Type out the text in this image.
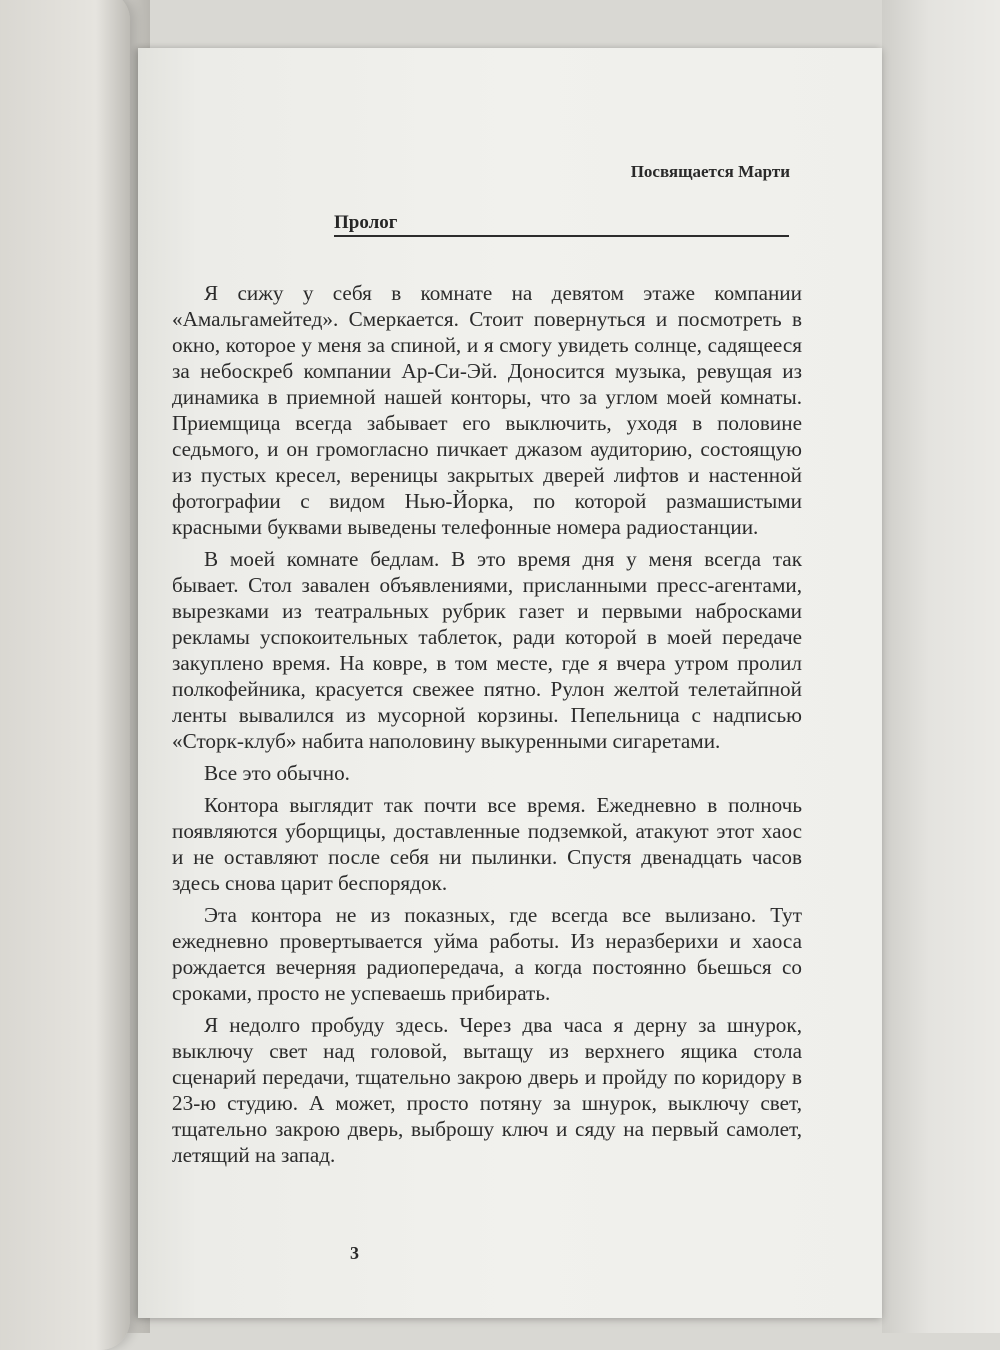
Посвящается Марти
Пролог

Я сижу у себя в комнате на девятом этаже компании «Амальгамейтед». Смеркается. Стоит повернуться и посмотреть в окно, которое у меня за спиной, и я смогу увидеть солнце, садящееся за небоскреб компании Ар-Си-Эй. Доносится музыка, ревущая из динамика в приемной нашей конторы, что за углом моей комнаты. Приемщица всегда забывает его выключить, уходя в половине седьмого, и он громогласно пичкает джазом аудиторию, состоящую из пустых кресел, вереницы закрытых дверей лифтов и настенной фотографии с видом Нью-Йорка, по которой размашистыми красными буквами выведены телефонные номера радиостанции.

В моей комнате бедлам. В это время дня у меня всегда так бывает. Стол завален объявлениями, присланными пресс-агентами, вырезками из театральных рубрик газет и первыми набросками рекламы успокоительных таблеток, ради которой в моей передаче закуплено время. На ковре, в том месте, где я вчера утром пролил полкофейника, красуется свежее пятно. Рулон желтой телетайпной ленты вывалился из мусорной корзины. Пепельница с надписью «Сторк-клуб» набита наполовину выкуренными сигаретами.

Все это обычно.

Контора выглядит так почти все время. Ежедневно в полночь появляются уборщицы, доставленные подземкой, атакуют этот хаос и не оставляют после себя ни пылинки. Спустя двенадцать часов здесь снова царит беспорядок.

Эта контора не из показных, где всегда все вылизано. Тут ежедневно провертывается уйма работы. Из неразберихи и хаоса рождается вечерняя радиопередача, а когда постоянно бьешься со сроками, просто не успеваешь прибирать.

Я недолго пробуду здесь. Через два часа я дерну за шнурок, выключу свет над головой, вытащу из верхнего ящика стола сценарий передачи, тщательно закрою дверь и пройду по коридору в 23-ю студию. А может, просто потяну за шнурок, выключу свет, тщательно закрою дверь, выброшу ключ и сяду на первый самолет, летящий на запад.

3
